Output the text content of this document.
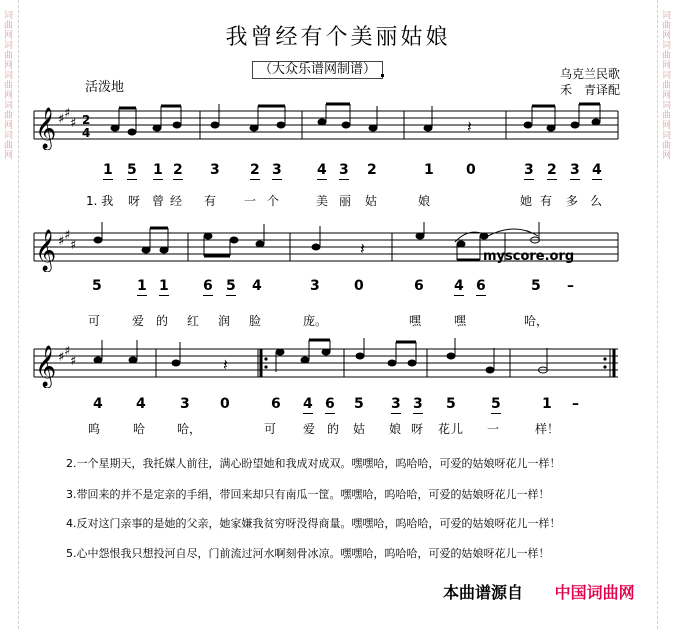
词曲网词曲网词曲网词曲网词曲网	词曲网词曲网词曲网词曲网词曲网
我曾经有个美丽姑娘
（大众乐谱网制谱）	乌克兰民歌
禾　青译配
活泼地
𝄞 ♯ ♯
♯ 2
4	𝄽
1 5 1 2 3 2 3	4 3 2	1 0	3 2 3 4
1. 我 呀 曾 经 有 一 个	美 丽 姑	娘	她 有 多 么
𝄞 ♯ ♯
♯	𝄽	myscore.org
5	1 1 6 5 4	3 0	6 4 6	5 –
可	爱 的 红 润 脸	庞。	嘿	嘿	哈，
𝄞 ♯ ♯
♯	𝄽
4 4 3 0	6 4 6 5 3 3 5	5	1 –
呜	哈	哈，	可 爱 的 姑 娘 呀 花 儿 一	样！
2.一个星期天，我托媒人前往，满心盼望她和我成对成双。嘿嘿哈，呜哈哈，可爱的姑娘呀花儿一样！
3.带回来的并不是定亲的手绢，带回来却只有南瓜一筐。嘿嘿哈，呜哈哈，可爱的姑娘呀花儿一样！
4.反对这门亲事的是她的父亲，她家嫌我贫穷呀没得商量。嘿嘿哈，呜哈哈，可爱的姑娘呀花儿一样！
5.心中怨恨我只想投河自尽，门前流过河水啊刻骨冰凉。嘿嘿哈，呜哈哈，可爱的姑娘呀花儿一样！
本曲谱源自 中国词曲网
